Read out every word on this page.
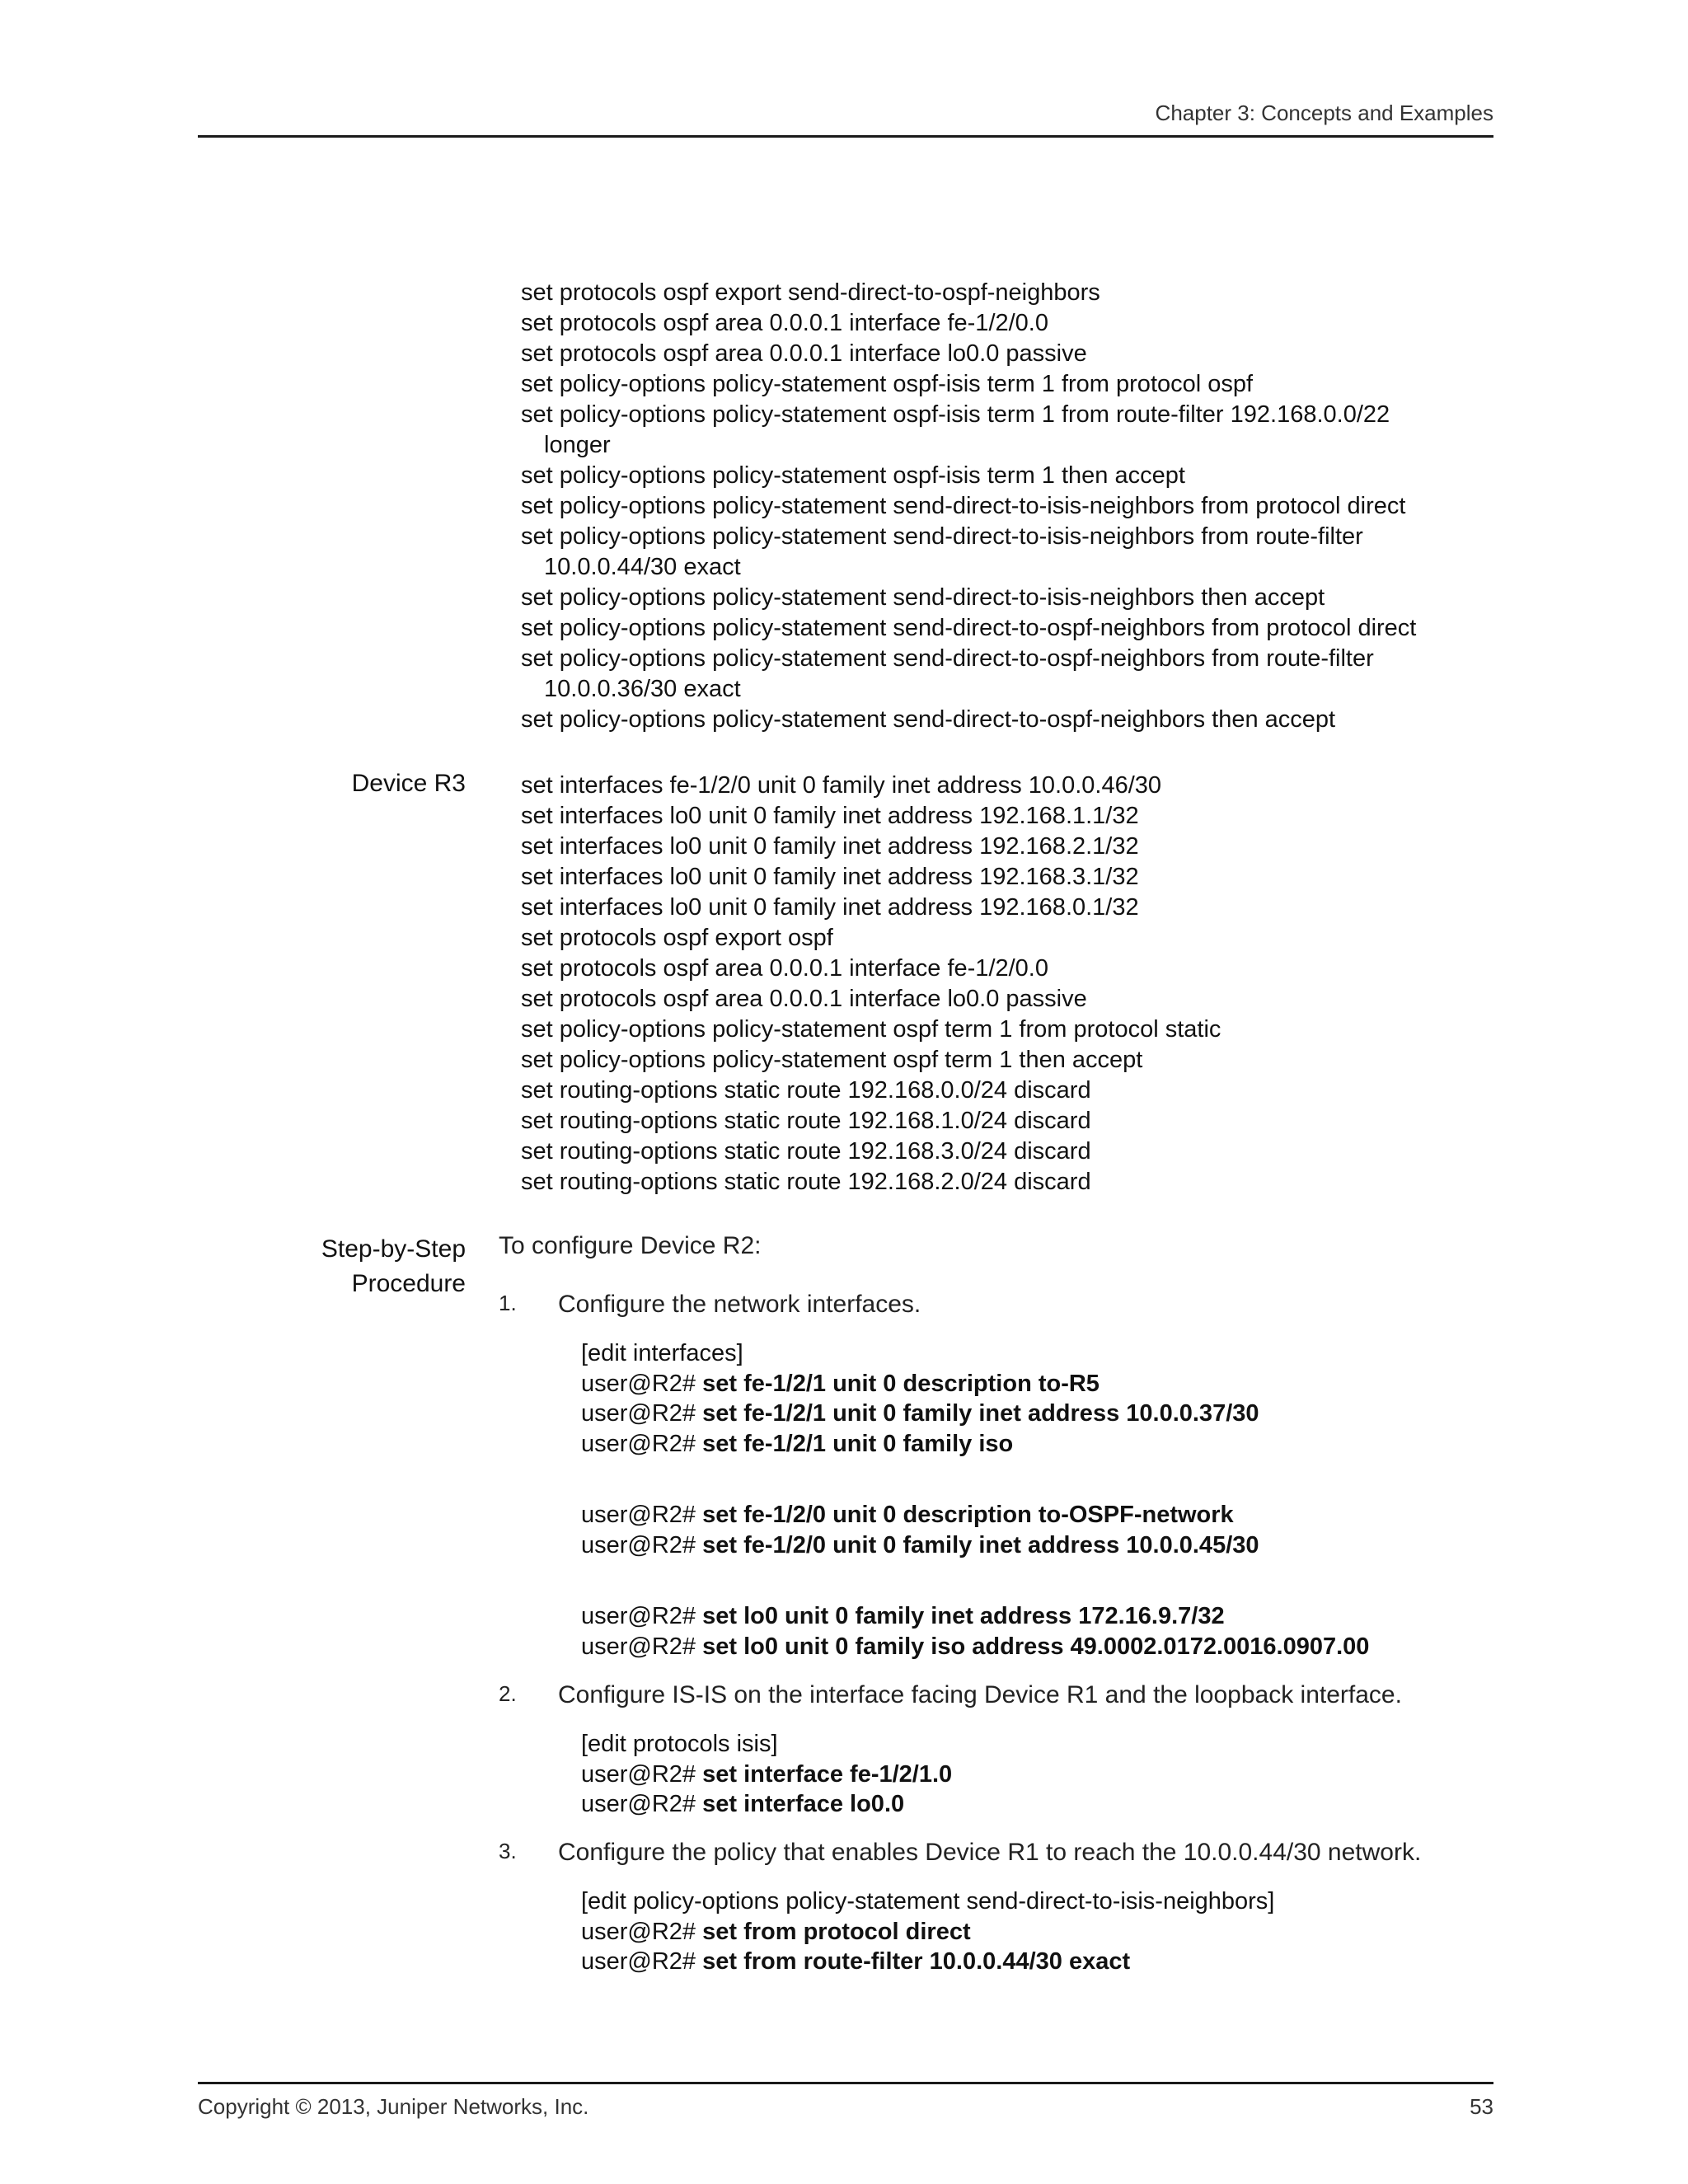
Chapter 3: Concepts and Examples
set protocols ospf export send-direct-to-ospf-neighbors
set protocols ospf area 0.0.0.1 interface fe-1/2/0.0
set protocols ospf area 0.0.0.1 interface lo0.0 passive
set policy-options policy-statement ospf-isis term 1 from protocol ospf
set policy-options policy-statement ospf-isis term 1 from route-filter 192.168.0.0/22
longer
set policy-options policy-statement ospf-isis term 1 then accept
set policy-options policy-statement send-direct-to-isis-neighbors from protocol direct
set policy-options policy-statement send-direct-to-isis-neighbors from route-filter
10.0.0.44/30 exact
set policy-options policy-statement send-direct-to-isis-neighbors then accept
set policy-options policy-statement send-direct-to-ospf-neighbors from protocol direct
set policy-options policy-statement send-direct-to-ospf-neighbors from route-filter
10.0.0.36/30 exact
set policy-options policy-statement send-direct-to-ospf-neighbors then accept
Device R3 set interfaces fe-1/2/0 unit 0 family inet address 10.0.0.46/30
set interfaces lo0 unit 0 family inet address 192.168.1.1/32
set interfaces lo0 unit 0 family inet address 192.168.2.1/32
set interfaces lo0 unit 0 family inet address 192.168.3.1/32
set interfaces lo0 unit 0 family inet address 192.168.0.1/32
set protocols ospf export ospf
set protocols ospf area 0.0.0.1 interface fe-1/2/0.0
set protocols ospf area 0.0.0.1 interface lo0.0 passive
set policy-options policy-statement ospf term 1 from protocol static
set policy-options policy-statement ospf term 1 then accept
set routing-options static route 192.168.0.0/24 discard
set routing-options static route 192.168.1.0/24 discard
set routing-options static route 192.168.3.0/24 discard
set routing-options static route 192.168.2.0/24 discard
Step-by-Step
Procedure
To configure Device R2:
1. Configure the network interfaces.
[edit interfaces]
user@R2# set fe-1/2/1 unit 0 description to-R5
user@R2# set fe-1/2/1 unit 0 family inet address 10.0.0.37/30
user@R2# set fe-1/2/1 unit 0 family iso
user@R2# set fe-1/2/0 unit 0 description to-OSPF-network
user@R2# set fe-1/2/0 unit 0 family inet address 10.0.0.45/30
user@R2# set lo0 unit 0 family inet address 172.16.9.7/32
user@R2# set lo0 unit 0 family iso address 49.0002.0172.0016.0907.00
2. Configure IS-IS on the interface facing Device R1 and the loopback interface.
[edit protocols isis]
user@R2# set interface fe-1/2/1.0
user@R2# set interface lo0.0
3. Configure the policy that enables Device R1 to reach the 10.0.0.44/30 network.
[edit policy-options policy-statement send-direct-to-isis-neighbors]
user@R2# set from protocol direct
user@R2# set from route-filter 10.0.0.44/30 exact
Copyright © 2013, Juniper Networks, Inc.	53
